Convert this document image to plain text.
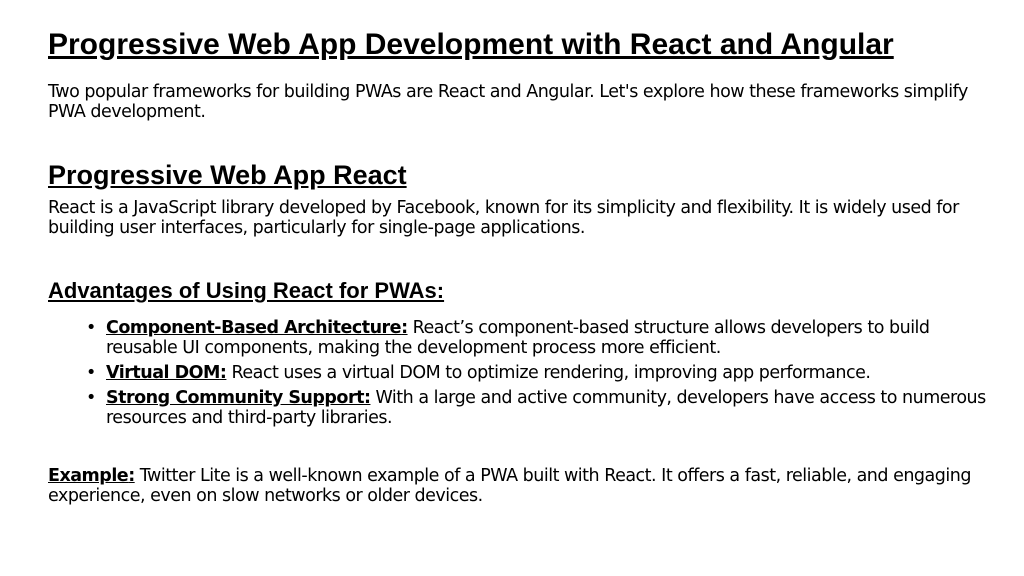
Progressive Web App Development with React and Angular

Two popular frameworks for building PWAs are React and Angular. Let's explore how these frameworks simplify PWA development.

Progressive Web App React

React is a JavaScript library developed by Facebook, known for its simplicity and flexibility. It is widely used for building user interfaces, particularly for single-page applications.

Advantages of Using React for PWAs:
• Component-Based Architecture: React’s component-based structure allows developers to build reusable UI components, making the development process more efficient.
• Virtual DOM: React uses a virtual DOM to optimize rendering, improving app performance.
• Strong Community Support: With a large and active community, developers have access to numerous resources and third-party libraries.

Example: Twitter Lite is a well-known example of a PWA built with React. It offers a fast, reliable, and engaging experience, even on slow networks or older devices.
